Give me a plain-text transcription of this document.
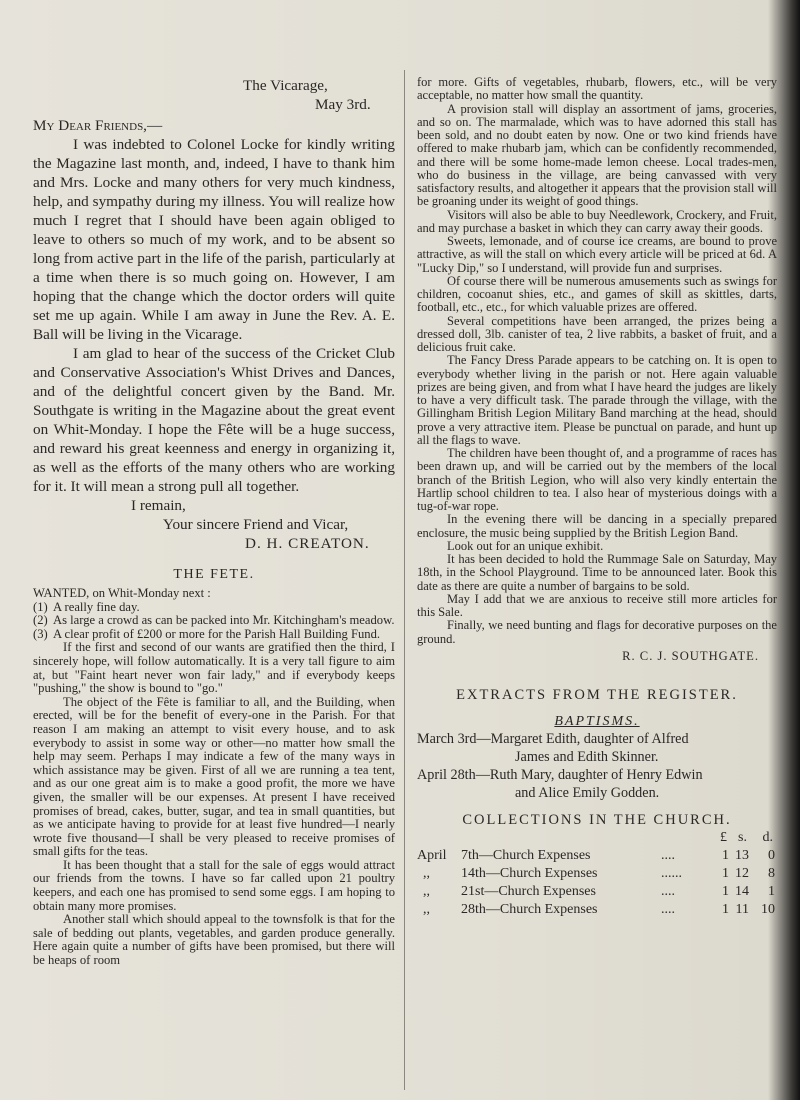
The Vicarage,
May 3rd.
My Dear Friends,—

I was indebted to Colonel Locke for kindly writing the Magazine last month, and, indeed, I have to thank him and Mrs. Locke and many others for very much kindness, help, and sympathy during my illness. You will realize how much I regret that I should have been again obliged to leave to others so much of my work, and to be absent so long from active part in the life of the parish, particularly at a time when there is so much going on. However, I am hoping that the change which the doctor orders will quite set me up again. While I am away in June the Rev. A. E. Ball will be living in the Vicarage.

I am glad to hear of the success of the Cricket Club and Conservative Association's Whist Drives and Dances, and of the delightful concert given by the Band. Mr. Southgate is writing in the Magazine about the great event on Whit-Monday. I hope the Fête will be a huge success, and reward his great keenness and energy in organizing it, as well as the efforts of the many others who are working for it. It will mean a strong pull all together.

I remain,
Your sincere Friend and Vicar,
D. H. CREATON.
THE FETE.
WANTED, on Whit-Monday next :
(1) A really fine day.
(2) As large a crowd as can be packed into Mr. Kitchingham's meadow.
(3) A clear profit of £200 or more for the Parish Hall Building Fund.

If the first and second of our wants are gratified then the third, I sincerely hope, will follow automatically. It is a very tall figure to aim at, but "Faint heart never won fair lady," and if everybody keeps "pushing," the show is bound to "go."

The object of the Fête is familiar to all, and the Building, when erected, will be for the benefit of every-one in the Parish. For that reason I am making an attempt to visit every house, and to ask everybody to assist in some way or other—no matter how small the help may seem. Perhaps I may indicate a few of the many ways in which assistance may be given. First of all we are running a tea tent, and as our one great aim is to make a good profit, the more we have given, the smaller will be our expenses. At present I have received promises of bread, cakes, butter, sugar, and tea in small quantities, but as we anticipate having to provide for at least five hundred—I nearly wrote five thousand—I shall be very pleased to receive promises of small gifts for the teas.

It has been thought that a stall for the sale of eggs would attract our friends from the towns. I have so far called upon 21 poultry keepers, and each one has promised to send some eggs. I am hoping to obtain many more promises.

Another stall which should appeal to the townsfolk is that for the sale of bedding out plants, vegetables, and garden produce generally. Here again quite a number of gifts have been promised, but there will be heaps of room

for more. Gifts of vegetables, rhubarb, flowers, etc., will be very acceptable, no matter how small the quantity.

A provision stall will display an assortment of jams, groceries, and so on. The marmalade, which was to have adorned this stall has been sold, and no doubt eaten by now. One or two kind friends have offered to make rhubarb jam, which can be confidently recommended, and there will be some home-made lemon cheese. Local trades-men, who do business in the village, are being canvassed with very satisfactory results, and altogether it appears that the provision stall will be groaning under its weight of good things.

Visitors will also be able to buy Needlework, Crockery, and Fruit, and may purchase a basket in which they can carry away their goods.

Sweets, lemonade, and of course ice creams, are bound to prove attractive, as will the stall on which every article will be priced at 6d. A "Lucky Dip," so I understand, will provide fun and surprises.

Of course there will be numerous amusements such as swings for children, cocoanut shies, etc., and games of skill as skittles, darts, football, etc., etc., for which valuable prizes are offered.

Several competitions have been arranged, the prizes being a dressed doll, 3lb. canister of tea, 2 live rabbits, a basket of fruit, and a delicious fruit cake.

The Fancy Dress Parade appears to be catching on. It is open to everybody whether living in the parish or not. Here again valuable prizes are being given, and from what I have heard the judges are likely to have a very difficult task. The parade through the village, with the Gillingham British Legion Military Band marching at the head, should prove a very attractive item. Please be punctual on parade, and hunt up all the flags to wave.

The children have been thought of, and a programme of races has been drawn up, and will be carried out by the members of the local branch of the British Legion, who will also very kindly entertain the Hartlip school children to tea. I also hear of mysterious doings with a tug-of-war rope.

In the evening there will be dancing in a specially prepared enclosure, the music being supplied by the British Legion Band.

Look out for an unique exhibit.

It has been decided to hold the Rummage Sale on Saturday, May 18th, in the School Playground. Time to be announced later. Book this date as there are quite a number of bargains to be sold.

May I add that we are anxious to receive still more articles for this Sale.

Finally, we need bunting and flags for decorative purposes on the ground.

R. C. J. SOUTHGATE.
EXTRACTS FROM THE REGISTER.
BAPTISMS.
March 3rd—Margaret Edith, daughter of Alfred
James and Edith Skinner.
April 28th—Ruth Mary, daughter of Henry Edwin
and Alice Emily Godden.
COLLECTIONS IN THE CHURCH.
£ s.	d.
April	7th—Church Expenses	....	1 13	0
,,	14th—Church Expenses	......	1 12	8
,,	21st—Church Expenses	....	1 14	1
,,	28th—Church Expenses	....	1 11 10
